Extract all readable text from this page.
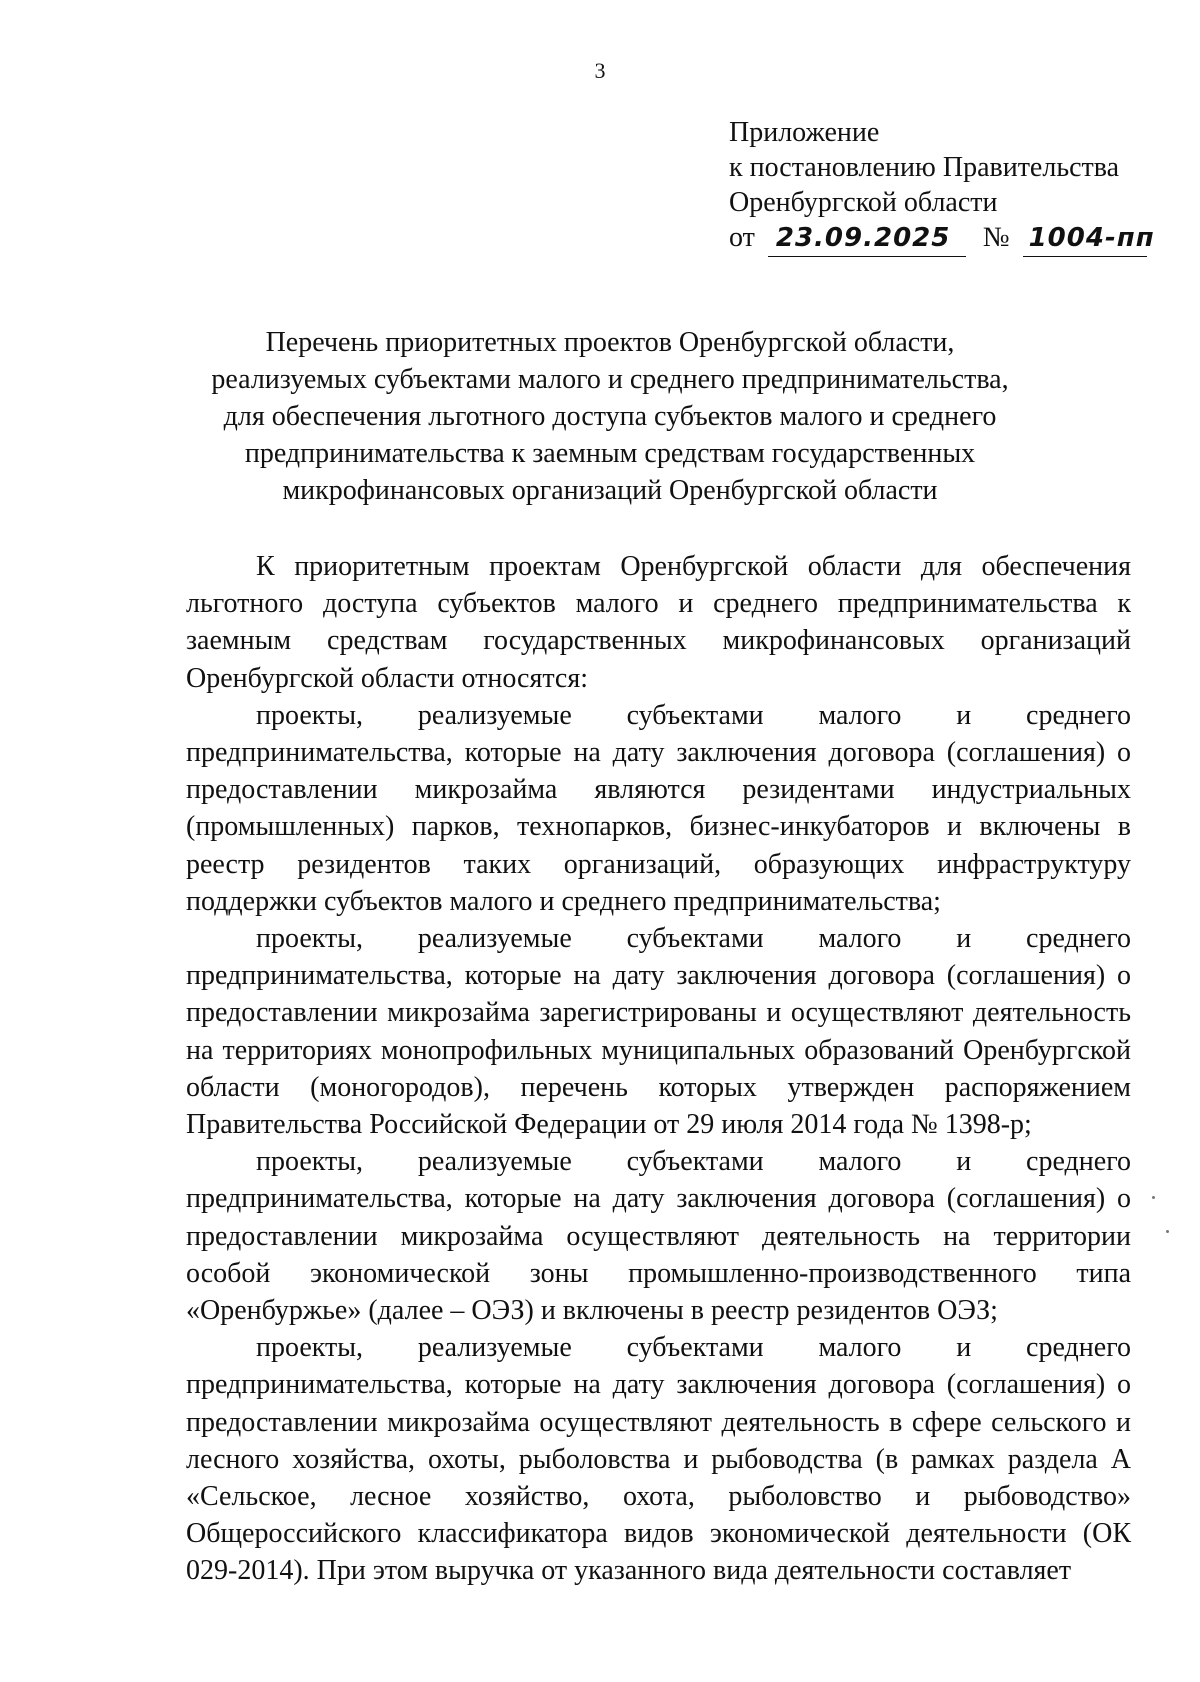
3
Приложение
к постановлению Правительства
Оренбургской области
от 23.09.2025 № 1004-пп
Перечень приоритетных проектов Оренбургской области,
реализуемых субъектами малого и среднего предпринимательства,
для обеспечения льготного доступа субъектов малого и среднего
предпринимательства к заемным средствам государственных
микрофинансовых организаций Оренбургской области

К приоритетным проектам Оренбургской области для обеспечения льготного доступа субъектов малого и среднего предпринимательства к заемным средствам государственных микрофинансовых организаций Оренбургской области относятся:

проекты, реализуемые субъектами малого и среднего предпринимательства, которые на дату заключения договора (соглашения) о предоставлении микрозайма являются резидентами индустриальных (промышленных) парков, технопарков, бизнес-инкубаторов и включены в реестр резидентов таких организаций, образующих инфраструктуру поддержки субъектов малого и среднего предпринимательства;

проекты, реализуемые субъектами малого и среднего предпринимательства, которые на дату заключения договора (соглашения) о предоставлении микрозайма зарегистрированы и осуществляют деятельность на территориях монопрофильных муниципальных образований Оренбургской области (моногородов), перечень которых утвержден распоряжением Правительства Российской Федерации от 29 июля 2014 года № 1398-р;

проекты, реализуемые субъектами малого и среднего предпринимательства, которые на дату заключения договора (соглашения) о предоставлении микрозайма осуществляют деятельность на территории особой экономической зоны промышленно-производственного типа «Оренбуржье» (далее – ОЭЗ) и включены в реестр резидентов ОЭЗ;

проекты, реализуемые субъектами малого и среднего предпринимательства, которые на дату заключения договора (соглашения) о предоставлении микрозайма осуществляют деятельность в сфере сельского и лесного хозяйства, охоты, рыболовства и рыбоводства (в рамках раздела А «Сельское, лесное хозяйство, охота, рыболовство и рыбоводство» Общероссийского классификатора видов экономической деятельности (ОК 029-2014). При этом выручка от указанного вида деятельности составляет
